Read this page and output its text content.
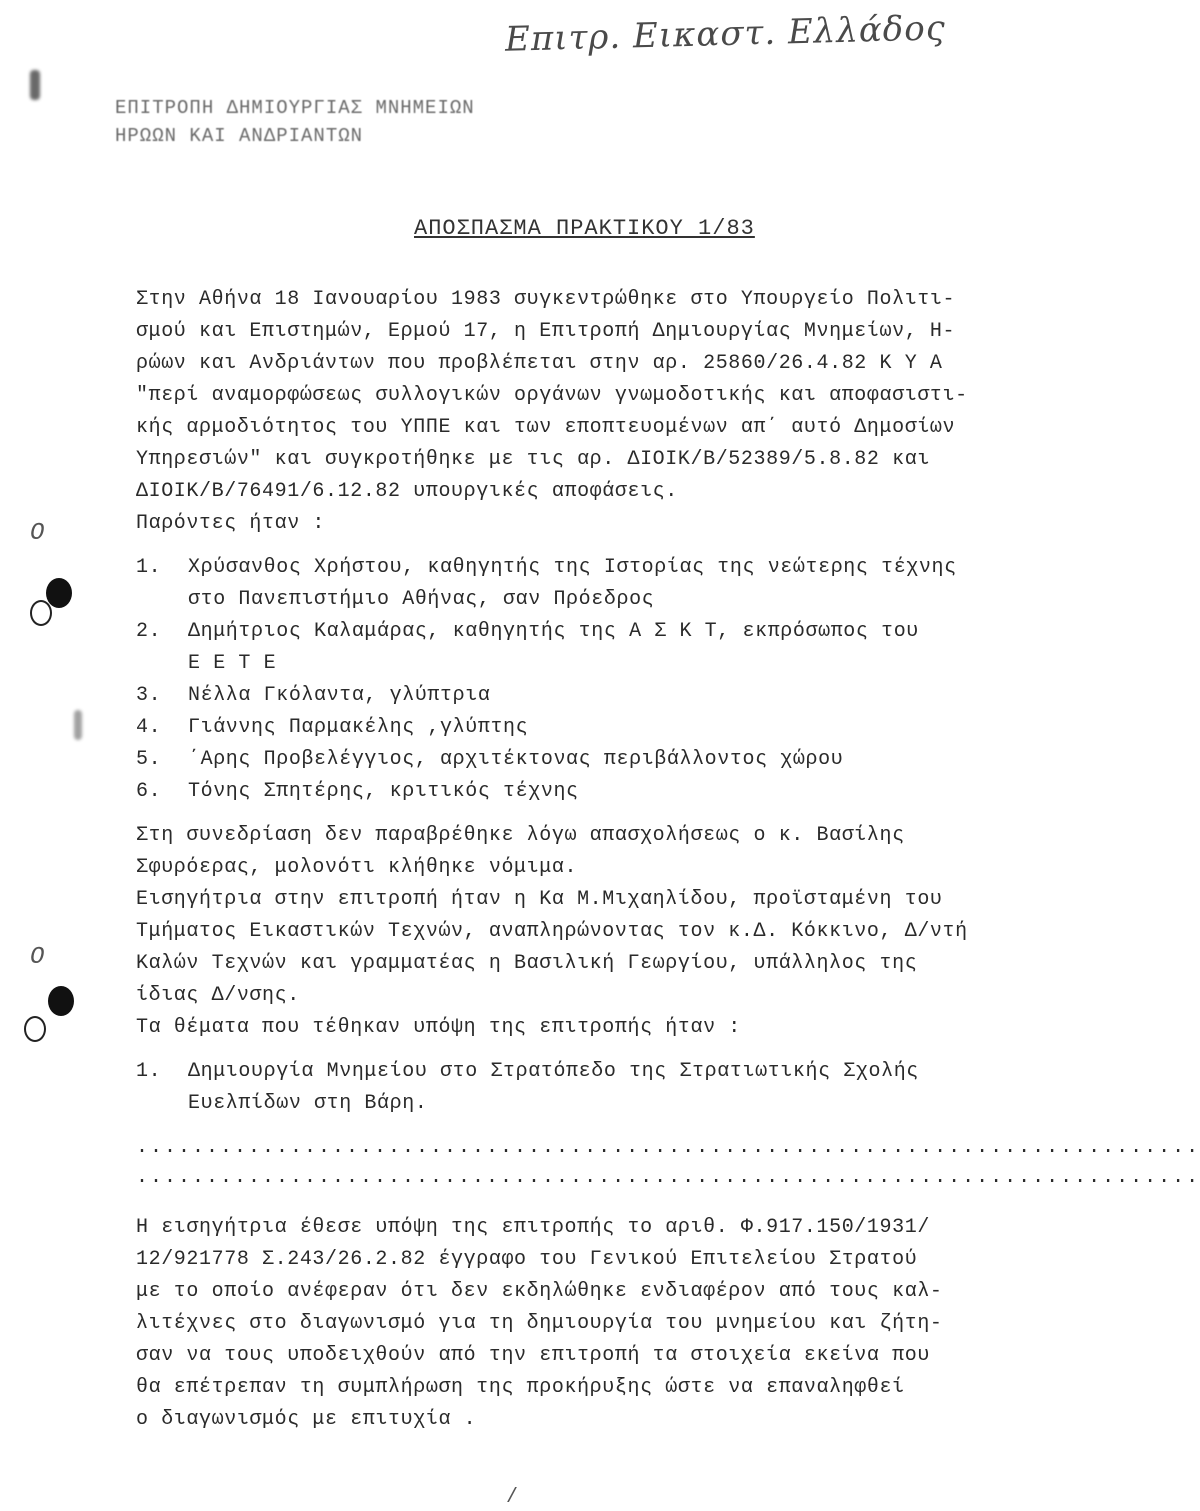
Επιτρ. Εικαστ. Ελλάδος
ΕΠΙΤΡΟΠΗ ΔΗΜΙΟΥΡΓΙΑΣ ΜΝΗΜΕΙΩΝ
ΗΡΩΩΝ ΚΑΙ ΑΝΔΡΙΑΝΤΩΝ
ΑΠΟΣΠΑΣΜΑ ΠΡΑΚΤΙΚΟΥ 1/83
Στην Αθήνα 18 Ιανουαρίου 1983 συγκεντρώθηκε στο Υπουργείο Πολιτι-
σμού και Επιστημών, Ερμού 17, η Επιτροπή Δημιουργίας Μνημείων, Η-
ρώων και Ανδριάντων που προβλέπεται στην αρ. 25860/26.4.82 Κ Υ Α
"περί αναμορφώσεως συλλογικών οργάνων γνωμοδοτικής και αποφασιστι-
κής αρμοδιότητος του ΥΠΠΕ και των εποπτευομένων απ΄ αυτό Δημοσίων
Υπηρεσιών" και συγκροτήθηκε με τις αρ. ΔΙΟΙΚ/Β/52389/5.8.82 και
ΔΙΟΙΚ/Β/76491/6.12.82 υπουργικές αποφάσεις.
Παρόντες ήταν :
1.	Χρύσανθος Χρήστου, καθηγητής της Ιστορίας της νεώτερης τέχνης
στο Πανεπιστήμιο Αθήνας, σαν Πρόεδρος
2.	Δημήτριος Καλαμάρας, καθηγητής της Α Σ Κ Τ, εκπρόσωπος του
Ε Ε Τ Ε
3.	Νέλλα Γκόλαντα, γλύπτρια
4.	Γιάννης Παρμακέλης ,γλύπτης
5.	΄Αρης Προβελέγγιος, αρχιτέκτονας περιβάλλοντος χώρου
6.	Τόνης Σπητέρης, κριτικός τέχνης
Στη συνεδρίαση δεν παραβρέθηκε λόγω απασχολήσεως ο κ. Βασίλης
Σφυρόερας, μολονότι κλήθηκε νόμιμα.
Εισηγήτρια στην επιτροπή ήταν η Κα Μ.Μιχαηλίδου, προϊσταμένη του
Τμήματος Εικαστικών Τεχνών, αναπληρώνοντας τον κ.Δ. Κόκκινο, Δ/ντή
Καλών Τεχνών και γραμματέας η Βασιλική Γεωργίου, υπάλληλος της
ίδιας Δ/νσης.
Τα θέματα που τέθηκαν υπόψη της επιτροπής ήταν :
1.	Δημιουργία Μνημείου στο Στρατόπεδο της Στρατιωτικής Σχολής
Ευελπίδων στη Βάρη.
............................................................................
............................................................................
Η εισηγήτρια έθεσε υπόψη της επιτροπής το αριθ. Φ.917.150/1931/
12/921778 Σ.243/26.2.82 έγγραφο του Γενικού Επιτελείου Στρατού
με το οποίο ανέφεραν ότι δεν εκδηλώθηκε ενδιαφέρον από τους καλ-
λιτέχνες στο διαγωνισμό για τη δημιουργία του μνημείου και ζήτη-
σαν να τους υποδειχθούν από την επιτροπή τα στοιχεία εκείνα που
θα επέτρεπαν τη συμπλήρωση της προκήρυξης ώστε να επαναληφθεί
ο διαγωνισμός με επιτυχία .
Ο
Ο
/
